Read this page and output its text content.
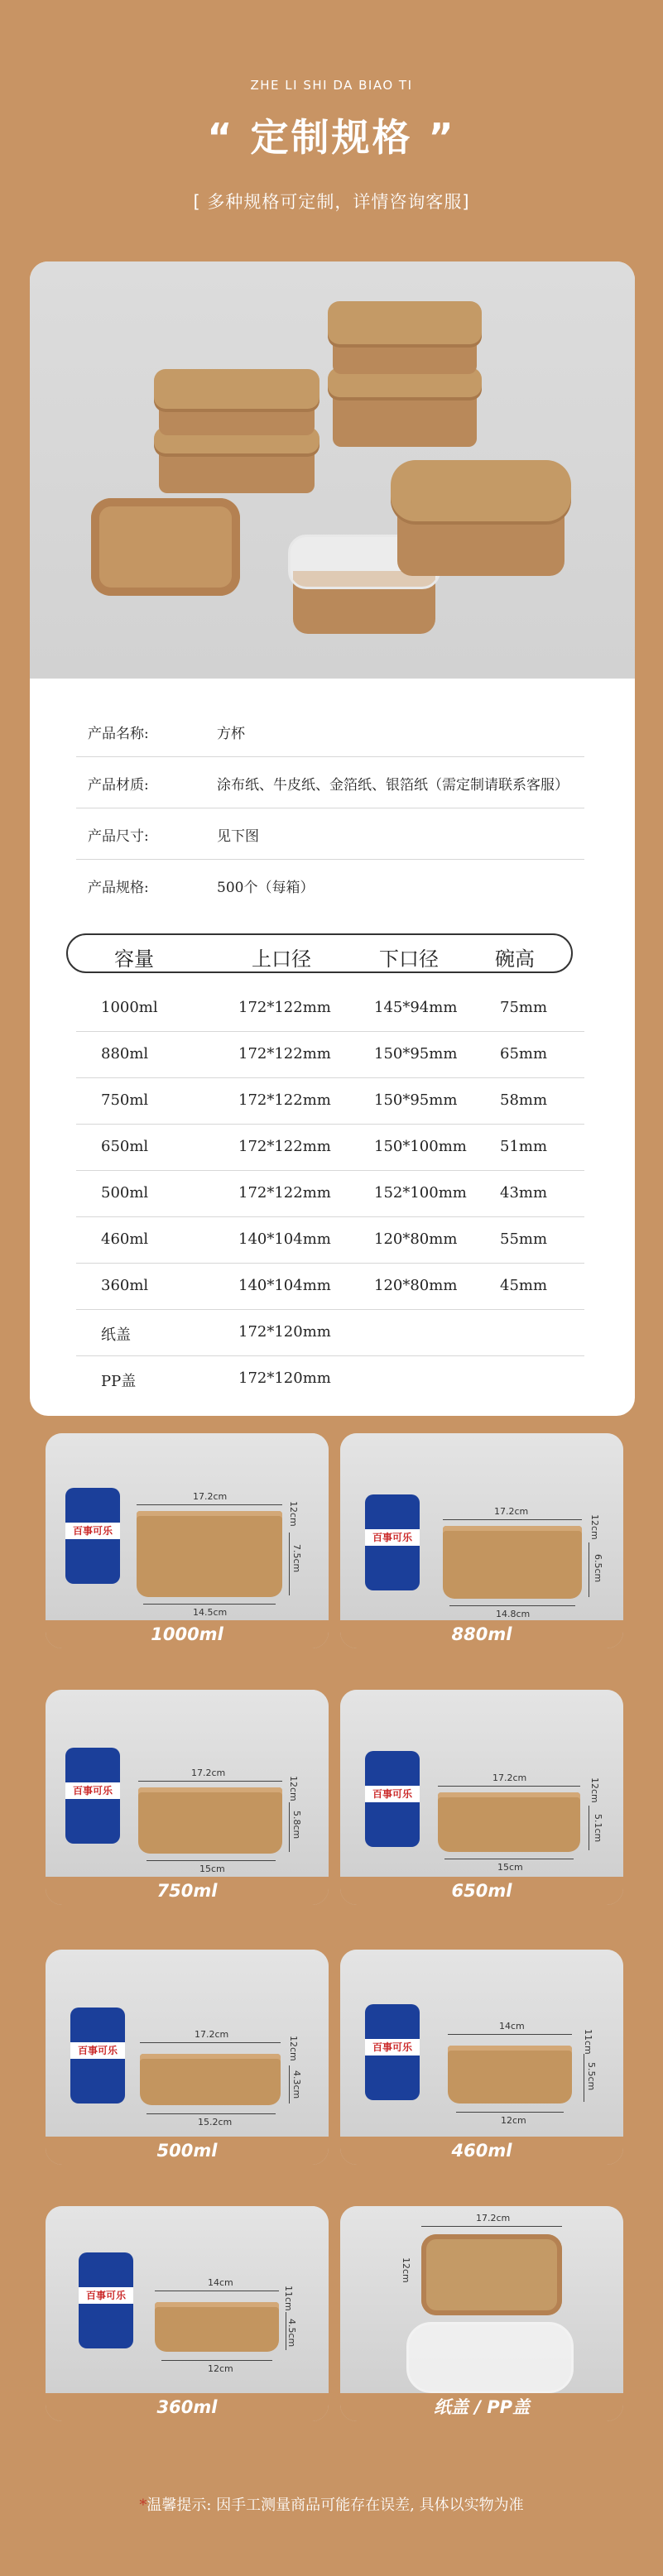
ZHE LI SHI DA BIAO TI
“ 定制规格 ”
[ 多种规格可定制，详情咨询客服]
产品名称:	方杯
产品材质:	涂布纸、牛皮纸、金箔纸、银箔纸（需定制请联系客服）
产品尺寸:	见下图
产品规格:	500个（每箱）
容量	上口径	下口径	碗高
1000ml	172*122mm	145*94mm	75mm
880ml	172*122mm	150*95mm	65mm
750ml	172*122mm	150*95mm	58mm
650ml	172*122mm	150*100mm 51mm
500ml	172*122mm	152*100mm 43mm
460ml	140*104mm	120*80mm	55mm
360ml	140*104mm	120*80mm	45mm
纸盖	172*120mm
PP盖	172*120mm
百事可乐
17.2cm
14.5cm
12cm
7.5cm
1000ml
百事可乐
17.2cm
14.8cm
12cm
6.5cm
880ml
百事可乐
17.2cm
15cm
12cm
5.8cm
750ml
百事可乐
17.2cm
15cm
12cm
5.1cm
650ml
百事可乐
17.2cm
15.2cm
12cm
4.3cm
500ml
百事可乐
14cm
12cm
11cm
5.5cm
460ml
百事可乐
14cm
12cm
11cm
4.5cm
360ml
17.2cm
12cm
纸盖 / PP盖
*温馨提示: 因手工测量商品可能存在误差, 具体以实物为准
